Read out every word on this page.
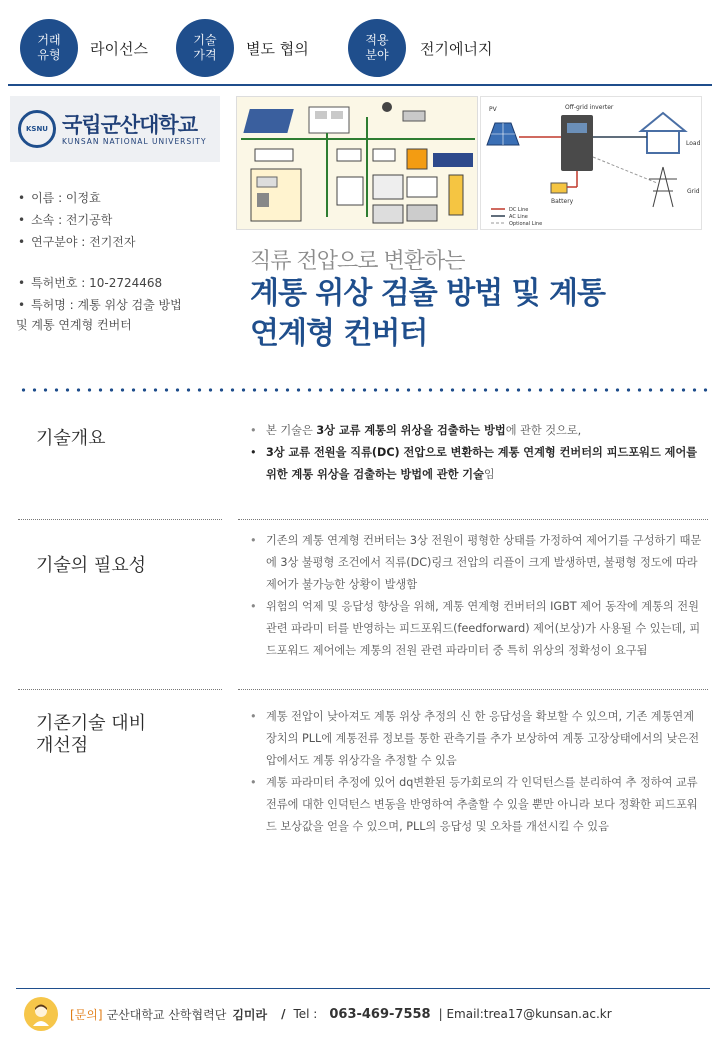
거래
유형 라이선스	기술
가격 별도 협의	적용
분야 전기에너지
KSNU 국립군산대학교
KUNSAN NATIONAL UNIVERSITY
• 이름 : 이정효
• 소속 : 전기공학
• 연구분야 : 전기전자
• 특허번호 : 10-2724468
• 특허명 : 계통 위상 검출 방법
및 계통 연계형 컨버터
PV	Off-grid inverter
Load
Battery
Grid
DC Line
AC Line
Optional Line
직류 전압으로 변환하는
계통 위상 검출 방법 및 계통
연계형 컨버터
기술개요
•	본 기술은 3상 교류 계통의 위상을 검출하는 방법에 관한 것으로,
• 3상 교류 전원을 직류(DC) 전압으로 변환하는 계통 연계형 컨버터의 피드포워드 제어를 위한 계통 위상을 검출하는 방법에 관한 기술임
기술의 필요성
• 기존의 계통 연계형 컨버터는 3상 전원이 평형한 상태를 가정하여 제어기를 구성하기 때문에 3상 불평형 조건에서 직류(DC)링크 전압의 리플이 크게 발생하면, 불평형 정도에 따라 제어가 불가능한 상황이 발생함
• 위험의 억제 및 응답성 향상을 위해, 계통 연계형 컨버터의 IGBT 제어 동작에 계통의 전원 관련 파라미 터를 반영하는 피드포워드(feedforward) 제어(보상)가 사용될 수 있는데, 피드포워드 제어에는 계통의 전원 관련 파라미터 중 특히 위상의 정확성이 요구됨
기존기술 대비
개선점
• 계통 전압이 낮아져도 계통 위상 추정의 신 한 응답성을 확보할 수 있으며, 기존 계통연계장치의 PLL에 계통전류 정보를 통한 관측기를 추가 보상하여 계통 고장상태에서의 낮은전압에서도 계통 위상각을 추정할 수 있음
• 계통 파라미터 추정에 있어 dq변환된 등가회로의 각 인덕턴스를 분리하여 추 정하여 교류전류에 대한 인덕턴스 변동을 반영하여 추출할 수 있을 뿐만 아니라 보다 정확한 피드포워드 보상값을 얻을 수 있으며, PLL의 응답성 및 오차를 개선시킬 수 있음
[문의] 군산대학교 산학협력단 김미라 / Tel : 063-469-7558 | Email:trea17@kunsan.ac.kr
